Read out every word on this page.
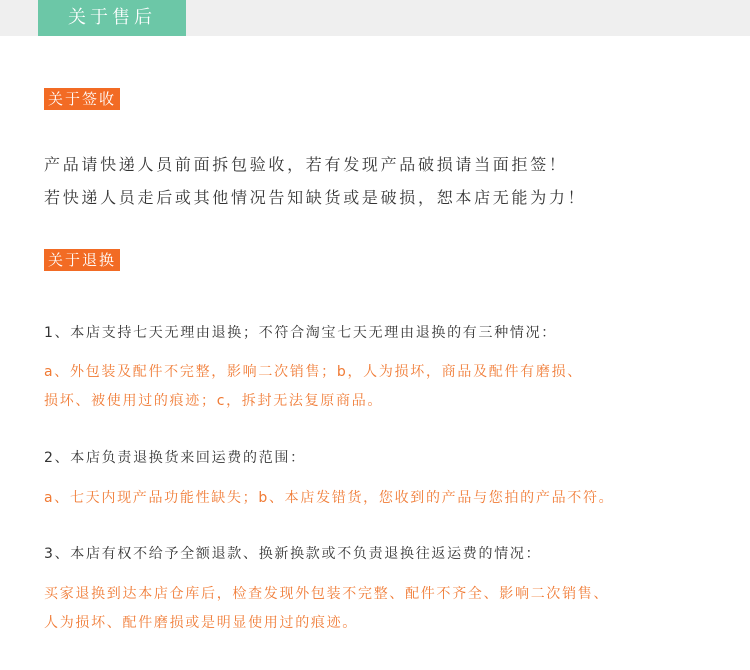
关于售后
关于签收
产品请快递人员前面拆包验收，若有发现产品破损请当面拒签！
若快递人员走后或其他情况告知缺货或是破损，恕本店无能为力！
关于退换
1、本店支持七天无理由退换；不符合淘宝七天无理由退换的有三种情况：
a、外包装及配件不完整，影响二次销售；b，人为损坏，商品及配件有磨损、
损坏、被使用过的痕迹；c，拆封无法复原商品。
2、本店负责退换货来回运费的范围：
a、七天内现产品功能性缺失；b、本店发错货，您收到的产品与您拍的产品不符。
3、本店有权不给予全额退款、换新换款或不负责退换往返运费的情况：
买家退换到达本店仓库后，检查发现外包装不完整、配件不齐全、影响二次销售、
人为损坏、配件磨损或是明显使用过的痕迹。
